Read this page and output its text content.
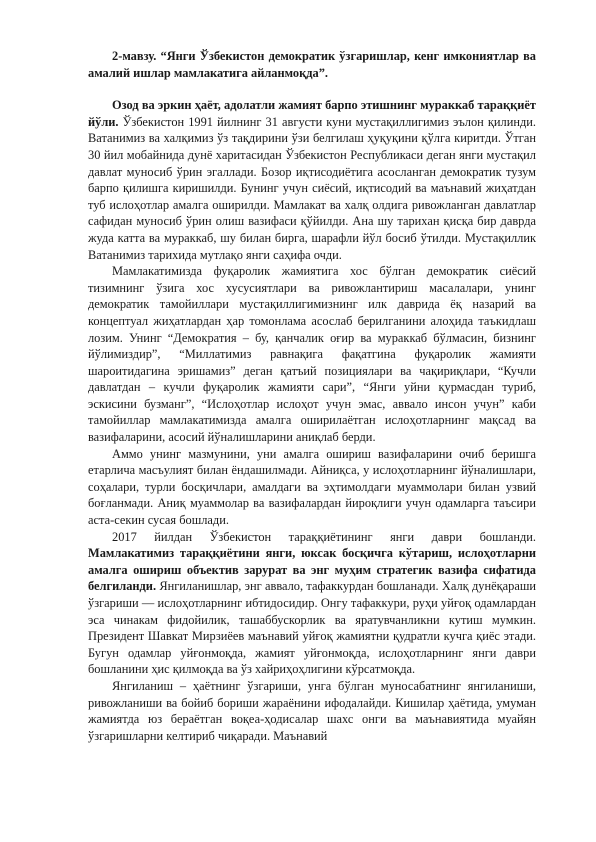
2-мавзу. “Янги Ўзбекистон демократик ўзгаришлар, кенг имкониятлар ва амалий ишлар мамлакатига айланмоқда”.

Озод ва эркин ҳаёт, адолатли жамият барпо этишнинг мураккаб тараққиёт йўли. Ўзбекистон 1991 йилнинг 31 августи куни мустақиллигимиз эълон қилинди. Ватанимиз ва халқимиз ўз тақдирини ўзи белгилаш ҳуқуқини қўлга киритди. Ўтган 30 йил мобайнида дунё харитасидан Ўзбекистон Республикаси деган янги мустақил давлат муносиб ўрин эгаллади. Бозор иқтисодиётига асосланган демократик тузум барпо қилишга киришилди. Бунинг учун сиёсий, иқтисодий ва маънавий жиҳатдан туб ислоҳотлар амалга оширилди. Мамлакат ва халқ олдига ривожланган давлатлар сафидан муносиб ўрин олиш вазифаси қўйилди. Ана шу тарихан қисқа бир даврда жуда катта ва мураккаб, шу билан бирга, шарафли йўл босиб ўтилди. Мустақиллик Ватанимиз тарихида мутлақо янги саҳифа очди.

Мамлакатимизда фуқаролик жамиятига хос бўлган демократик сиёсий тизимнинг ўзига хос хусусиятлари ва ривожлантириш масалалари, унинг демократик тамойиллари мустақиллигимизнинг илк даврида ёқ назарий ва концептуал жиҳатлардан ҳар томонлама асослаб берилганини алоҳида таъкидлаш лозим. Унинг “Демократия – бу, қанчалик оғир ва мураккаб бўлмасин, бизнинг йўлимиздир”, “Миллатимиз равнақига фақатгина фуқаролик жамияти шароитидагина эришамиз” деган қатъий позициялари ва чақириқлари, “Кучли давлатдан – кучли фуқаролик жамияти сари”, “Янги уйни қурмасдан туриб, эскисини бузманг”, “Ислоҳотлар ислоҳот учун эмас, аввало инсон учун” каби тамойиллар мамлакатимизда амалга оширилаётган ислоҳотларнинг мақсад ва вазифаларини, асосий йўналишларини аниқлаб берди.

Аммо унинг мазмунини, уни амалга ошириш вазифаларини очиб беришга етарлича масъулият билан ёндашилмади. Айниқса, у ислоҳотларнинг йўналишлари, соҳалари, турли босқичлари, амалдаги ва эҳтимолдаги муаммолари билан узвий боғланмади. Аниқ муаммолар ва вазифалардан йироқлиги учун одамларга таъсири аста-секин сусая бошлади.

2017 йилдан Ўзбекистон тараққиётининг янги даври бошланди. Мамлакатимиз тараққиётини янги, юксак босқичга кўтариш, ислоҳотларни амалга ошириш объектив зарурат ва энг муҳим стратегик вазифа сифатида белгиланди. Янгиланишлар, энг аввало, тафаккурдан бошланади. Халқ дунёқараши ўзгариши — ислоҳотларнинг ибтидосидир. Онгу тафаккури, руҳи уйғоқ одамлардан эса чинакам фидойилик, ташаббускорлик ва яратувчанликни кутиш мумкин. Президент Шавкат Мирзиёев маънавий уйғоқ жамиятни қудратли кучга қиёс этади. Бугун одамлар уйғонмоқда, жамият уйғонмоқда, ислоҳотларнинг янги даври бошланини ҳис қилмоқда ва ўз хайриҳоҳлигини кўрсатмоқда.

Янгиланиш – ҳаётнинг ўзгариши, унга бўлган муносабатнинг янгиланиши, ривожланиши ва бойиб бориши жараёнини ифодалайди. Кишилар ҳаётида, умуман жамиятда юз бераётган воқеа-ҳодисалар шахс онги ва маънавиятида муайян ўзгаришларни келтириб чиқаради. Маънавий
